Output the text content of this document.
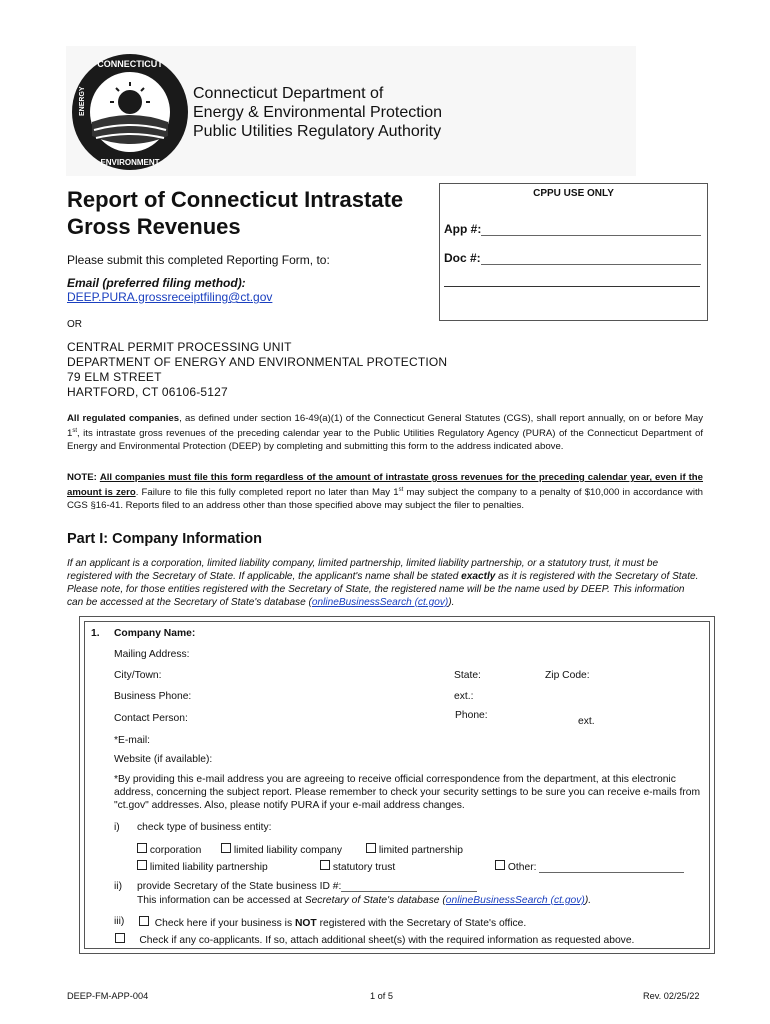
CONNECTICUT
ENERGY
ENVIRONMENT
Connecticut Department of
Energy & Environmental Protection
Public Utilities Regulatory Authority
Report of Connecticut Intrastate
Gross Revenues
Please submit this completed Reporting Form, to:
Email (preferred filing method):
DEEP.PURA.grossreceiptfiling@ct.gov
OR
CPPU USE ONLY
App #:
Doc #:
CENTRAL PERMIT PROCESSING UNIT
DEPARTMENT OF ENERGY AND ENVIRONMENTAL PROTECTION
79 ELM STREET
HARTFORD, CT 06106-5127
All regulated companies, as defined under section 16-49(a)(1) of the Connecticut General Statutes (CGS), shall report annually, on or before May 1st, its intrastate gross revenues of the preceding calendar year to the Public Utilities Regulatory Agency (PURA) of the Connecticut Department of Energy and Environmental Protection (DEEP) by completing and submitting this form to the address indicated above.
NOTE: All companies must file this form regardless of the amount of intrastate gross revenues for the preceding calendar year, even if the amount is zero. Failure to file this fully completed report no later than May 1st may subject the company to a penalty of $10,000 in accordance with CGS §16-41. Reports filed to an address other than those specified above may subject the filer to penalties.
Part I: Company Information
If an applicant is a corporation, limited liability company, limited partnership, limited liability partnership, or a statutory trust, it must be registered with the Secretary of State. If applicable, the applicant's name shall be stated exactly as it is registered with the Secretary of State. Please note, for those entities registered with the Secretary of State, the registered name will be the name used by DEEP. This information can be accessed at the Secretary of State's database (onlineBusinessSearch (ct.gov)).
1. Company Name:
Mailing Address:
City/Town:	State:	Zip Code:
Business Phone:	ext.:
Contact Person:	Phone:
ext.
*E-mail:
Website (if available):
*By providing this e-mail address you are agreeing to receive official correspondence from the department, at this electronic address, concerning the subject report. Please remember to check your security settings to be sure you can receive e-mails from "ct.gov" addresses. Also, please notify PURA if your e-mail address changes.
i) check type of business entity:
corporation	limited liability company	limited partnership
limited liability partnership	statutory trust	Other:
ii) provide Secretary of the State business ID #:
This information can be accessed at Secretary of State's database (onlineBusinessSearch (ct.gov)).
iii)	Check here if your business is NOT registered with the Secretary of State's office.
Check if any co-applicants. If so, attach additional sheet(s) with the required information as requested above.
DEEP-FM-APP-004	1 of 5	Rev. 02/25/22
